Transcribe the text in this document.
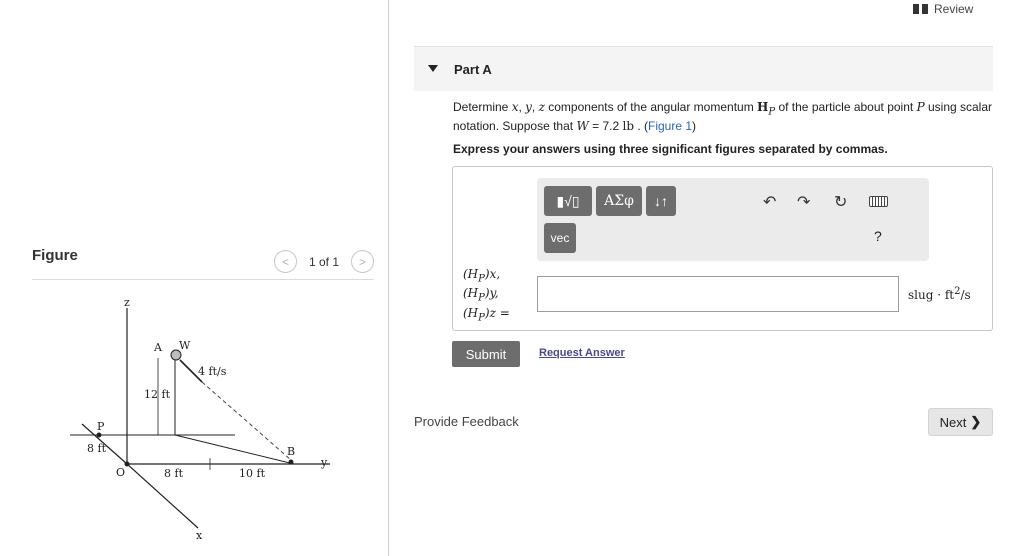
Figure	<	1 of 1	>
z
A W
4 ft/s
12 ft
P
8 ft
O	8 ft	10 ft
B
y
x
Review
Part A
Determine x, y, z components of the angular momentum $H_P$ of the particle about point P using scalar notation. Suppose that W = 7.2 lb . (Figure 1)
Express your answers using three significant figures separated by commas.
▮√▯	ΑΣφ	↓↑
vec
↶ ↷ ↻
?
$(H_P)x$,
$(H_P)y$,
$(H_P)z$ =
slug · $ft^2/s$
Submit	Request Answer
Provide Feedback	Next ❯
